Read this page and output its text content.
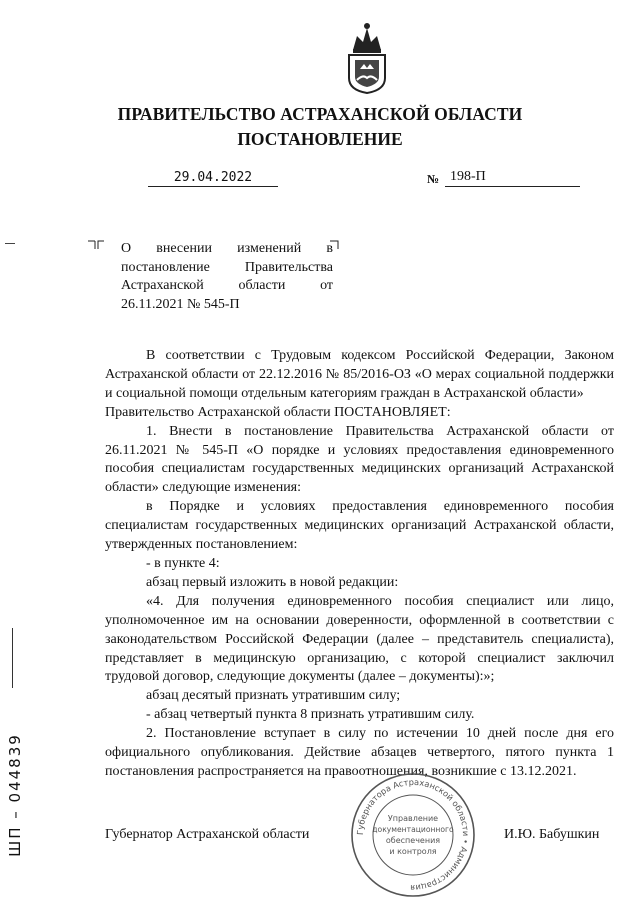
ПРАВИТЕЛЬСТВО АСТРАХАНСКОЙ ОБЛАСТИ
ПОСТАНОВЛЕНИЕ
29.04.2022	№ 198-П
О внесении изменений в постановление Правительства Астраханской области от 26.11.2021 № 545-П

В соответствии с Трудовым кодексом Российской Федерации, Законом Астраханской области от 22.12.2016 № 85/2016-ОЗ «О мерах социальной поддержки и социальной помощи отдельным категориям граждан в Астраханской области»

Правительство Астраханской области ПОСТАНОВЛЯЕТ:

1. Внести в постановление Правительства Астраханской области от 26.11.2021 № 545-П «О порядке и условиях предоставления единовременного пособия специалистам государственных медицинских организаций Астраханской области» следующие изменения:

в Порядке и условиях предоставления единовременного пособия специалистам государственных медицинских организаций Астраханской области, утвержденных постановлением:

- в пункте 4:

абзац первый изложить в новой редакции:

«4. Для получения единовременного пособия специалист или лицо, уполномоченное им на основании доверенности, оформленной в соответствии с законодательством Российской Федерации (далее – представитель специалиста), представляет в медицинскую организацию, с которой специалист заключил трудовой договор, следующие документы (далее – документы):»;

абзац десятый признать утратившим силу;

- абзац четвертый пункта 8 признать утратившим силу.

2. Постановление вступает в силу по истечении 10 дней после дня его официального опубликования. Действие абзацев четвертого, пятого пункта 1 постановления распространяется на правоотношения, возникшие с 13.12.2021.

Губернатор Астраханской области	И.Ю. Бабушкин
Губернатора Астраханской области • Администрация
Управление
документационного
обеспечения
и контроля
ШП – 044839
